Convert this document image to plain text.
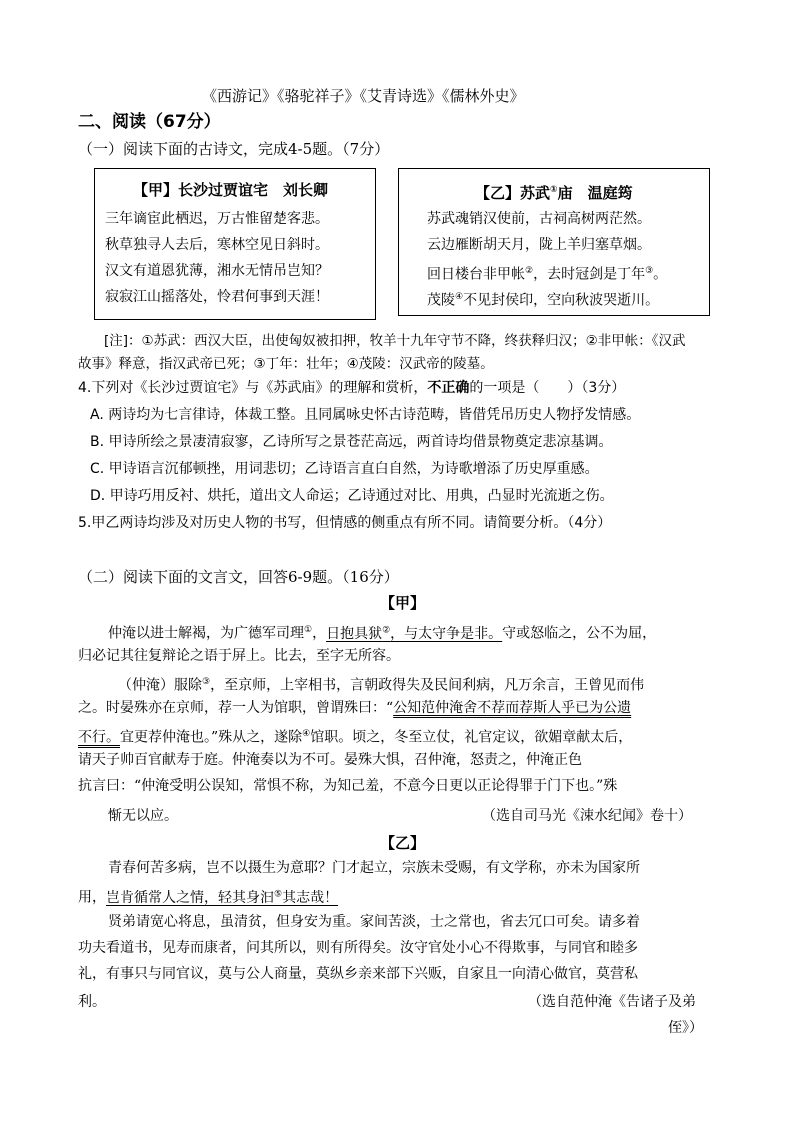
《西游记》《骆驼祥子》《艾青诗选》《儒林外史》
二、阅读（67分）
（一）阅读下面的古诗文，完成4-5题。（7分）
【甲】长沙过贾谊宅　刘长卿
三年谪宦此栖迟，万古惟留楚客悲。
秋草独寻人去后，寒林空见日斜时。
汉文有道恩犹薄，湘水无情吊岂知？
寂寂江山摇落处，怜君何事到天涯！
【乙】苏武①庙　温庭筠
苏武魂销汉使前，古祠高树两茫然。
云边雁断胡天月，陇上羊归塞草烟。
回日楼台非甲帐②，去时冠剑是丁年③。
茂陵④不见封侯印，空向秋波哭逝川。
[注]：①苏武：西汉大臣，出使匈奴被扣押，牧羊十九年守节不降，终获释归汉；②非甲帐：《汉武
故事》释意，指汉武帝已死；③丁年：壮年；④茂陵：汉武帝的陵墓。
4.下列对《长沙过贾谊宅》与《苏武庙》的理解和赏析，不正确的一项是（　　）（3分）
A. 两诗均为七言律诗，体裁工整。且同属咏史怀古诗范畴，皆借凭吊历史人物抒发情感。
B. 甲诗所绘之景凄清寂寥，乙诗所写之景苍茫高远，两首诗均借景物奠定悲凉基调。
C. 甲诗语言沉郁顿挫，用词悲切；乙诗语言直白自然，为诗歌增添了历史厚重感。
D. 甲诗巧用反衬、烘托，道出文人命运；乙诗通过对比、用典，凸显时光流逝之伤。
5.甲乙两诗均涉及对历史人物的书写，但情感的侧重点有所不同。请简要分析。（4分）
（二）阅读下面的文言文，回答6-9题。（16分）
【甲】
仲淹以进士解褐，为广德军司理①，日抱具狱②，与太守争是非。守或怒临之，公不为屈，
归必记其往复辩论之语于屏上。比去，至字无所容。
（仲淹）服除③，至京师，上宰相书，言朝政得失及民间利病，凡万余言，王曾见而伟
之。时晏殊亦在京师，荐一人为馆职，曾谓殊曰：“公知范仲淹舍不荐而荐斯人乎已为公遗
不行。宜更荐仲淹也。”殊从之，遂除④馆职。顷之，冬至立仗，礼官定议，欲媚章献太后，
请天子帅百官献寿于庭。仲淹奏以为不可。晏殊大惧，召仲淹，怒责之，仲淹正色
抗言曰：“仲淹受明公误知，常惧不称，为知己羞，不意今日更以正论得罪于门下也。”殊
惭无以应。	（选自司马光《涑水纪闻》卷十）
【乙】
青春何苦多病，岂不以摄生为意耶？门才起立，宗族未受赐，有文学称，亦未为国家所
用，岂肯循常人之情，轻其身汩⑤其志哉！
贤弟请宽心将息，虽清贫，但身安为重。家间苦淡，士之常也，省去冗口可矣。请多着
功夫看道书，见寿而康者，问其所以，则有所得矣。汝守官处小心不得欺事，与同官和睦多
礼，有事只与同官议，莫与公人商量，莫纵乡亲来部下兴贩，自家且一向清心做官，莫营私
利。	（选自范仲淹《告诸子及弟
侄》）
